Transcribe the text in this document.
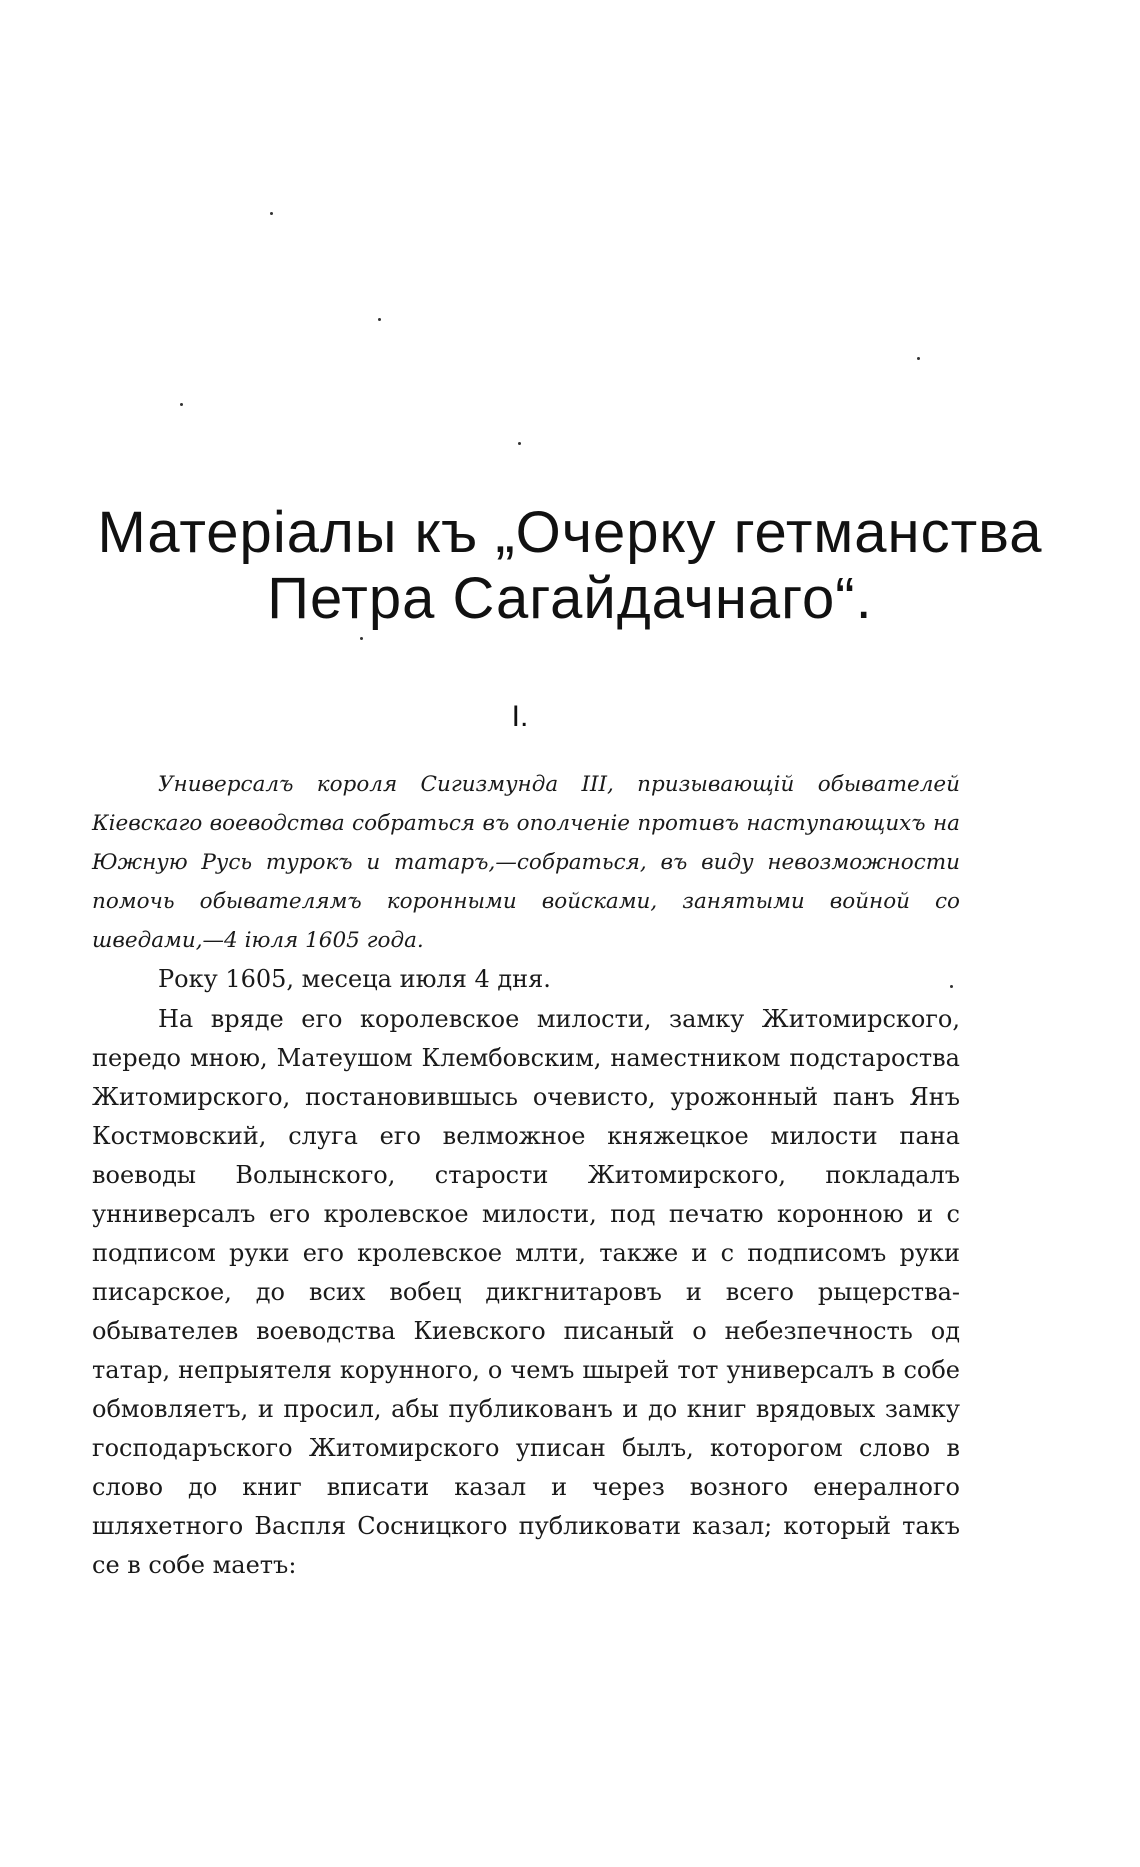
Матеріалы къ „Очерку гетманства
Петра Сагайдачнаго“.
I.
Универсалъ короля Сигизмунда III, призывающій обывателей Кіевскаго воеводства собраться въ ополченіе противъ наступающихъ на Южную Русь турокъ и татаръ,—собраться, въ виду невозможности помочь обывателямъ коронными войсками, занятыми войной со шведами,—4 іюля 1605 года.
Року 1605, месеца июля 4 дня.
На вряде его королевское милости, замку Житомирского, передо мною, Матеушом Клембовским, наместником подстароства Житомирского, постановившысь очевисто, урожонный панъ Янъ Костмовский, слуга его велможное княжецкое милости пана воеводы Волынского, старости Житомирского, покладалъ унниверсалъ его кролевское милости, под печатю коронною и с подписом руки его кролевское млти, также и с подписомъ руки писарское, до всих вобец дикгнитаровъ и всего рыцерства-обывателев воеводства Киевского писаный о небезпечность од татар, непрыятеля корунного, о чемъ шырей тот универсалъ в собе обмовляетъ, и просил, абы публикованъ и до книг врядовых замку господаръского Житомирского уписан былъ, которогом слово в слово до книг вписати казал и через возного енералного шляхетного Васпля Сосницкого публиковати казал; который такъ се в собе маетъ:
